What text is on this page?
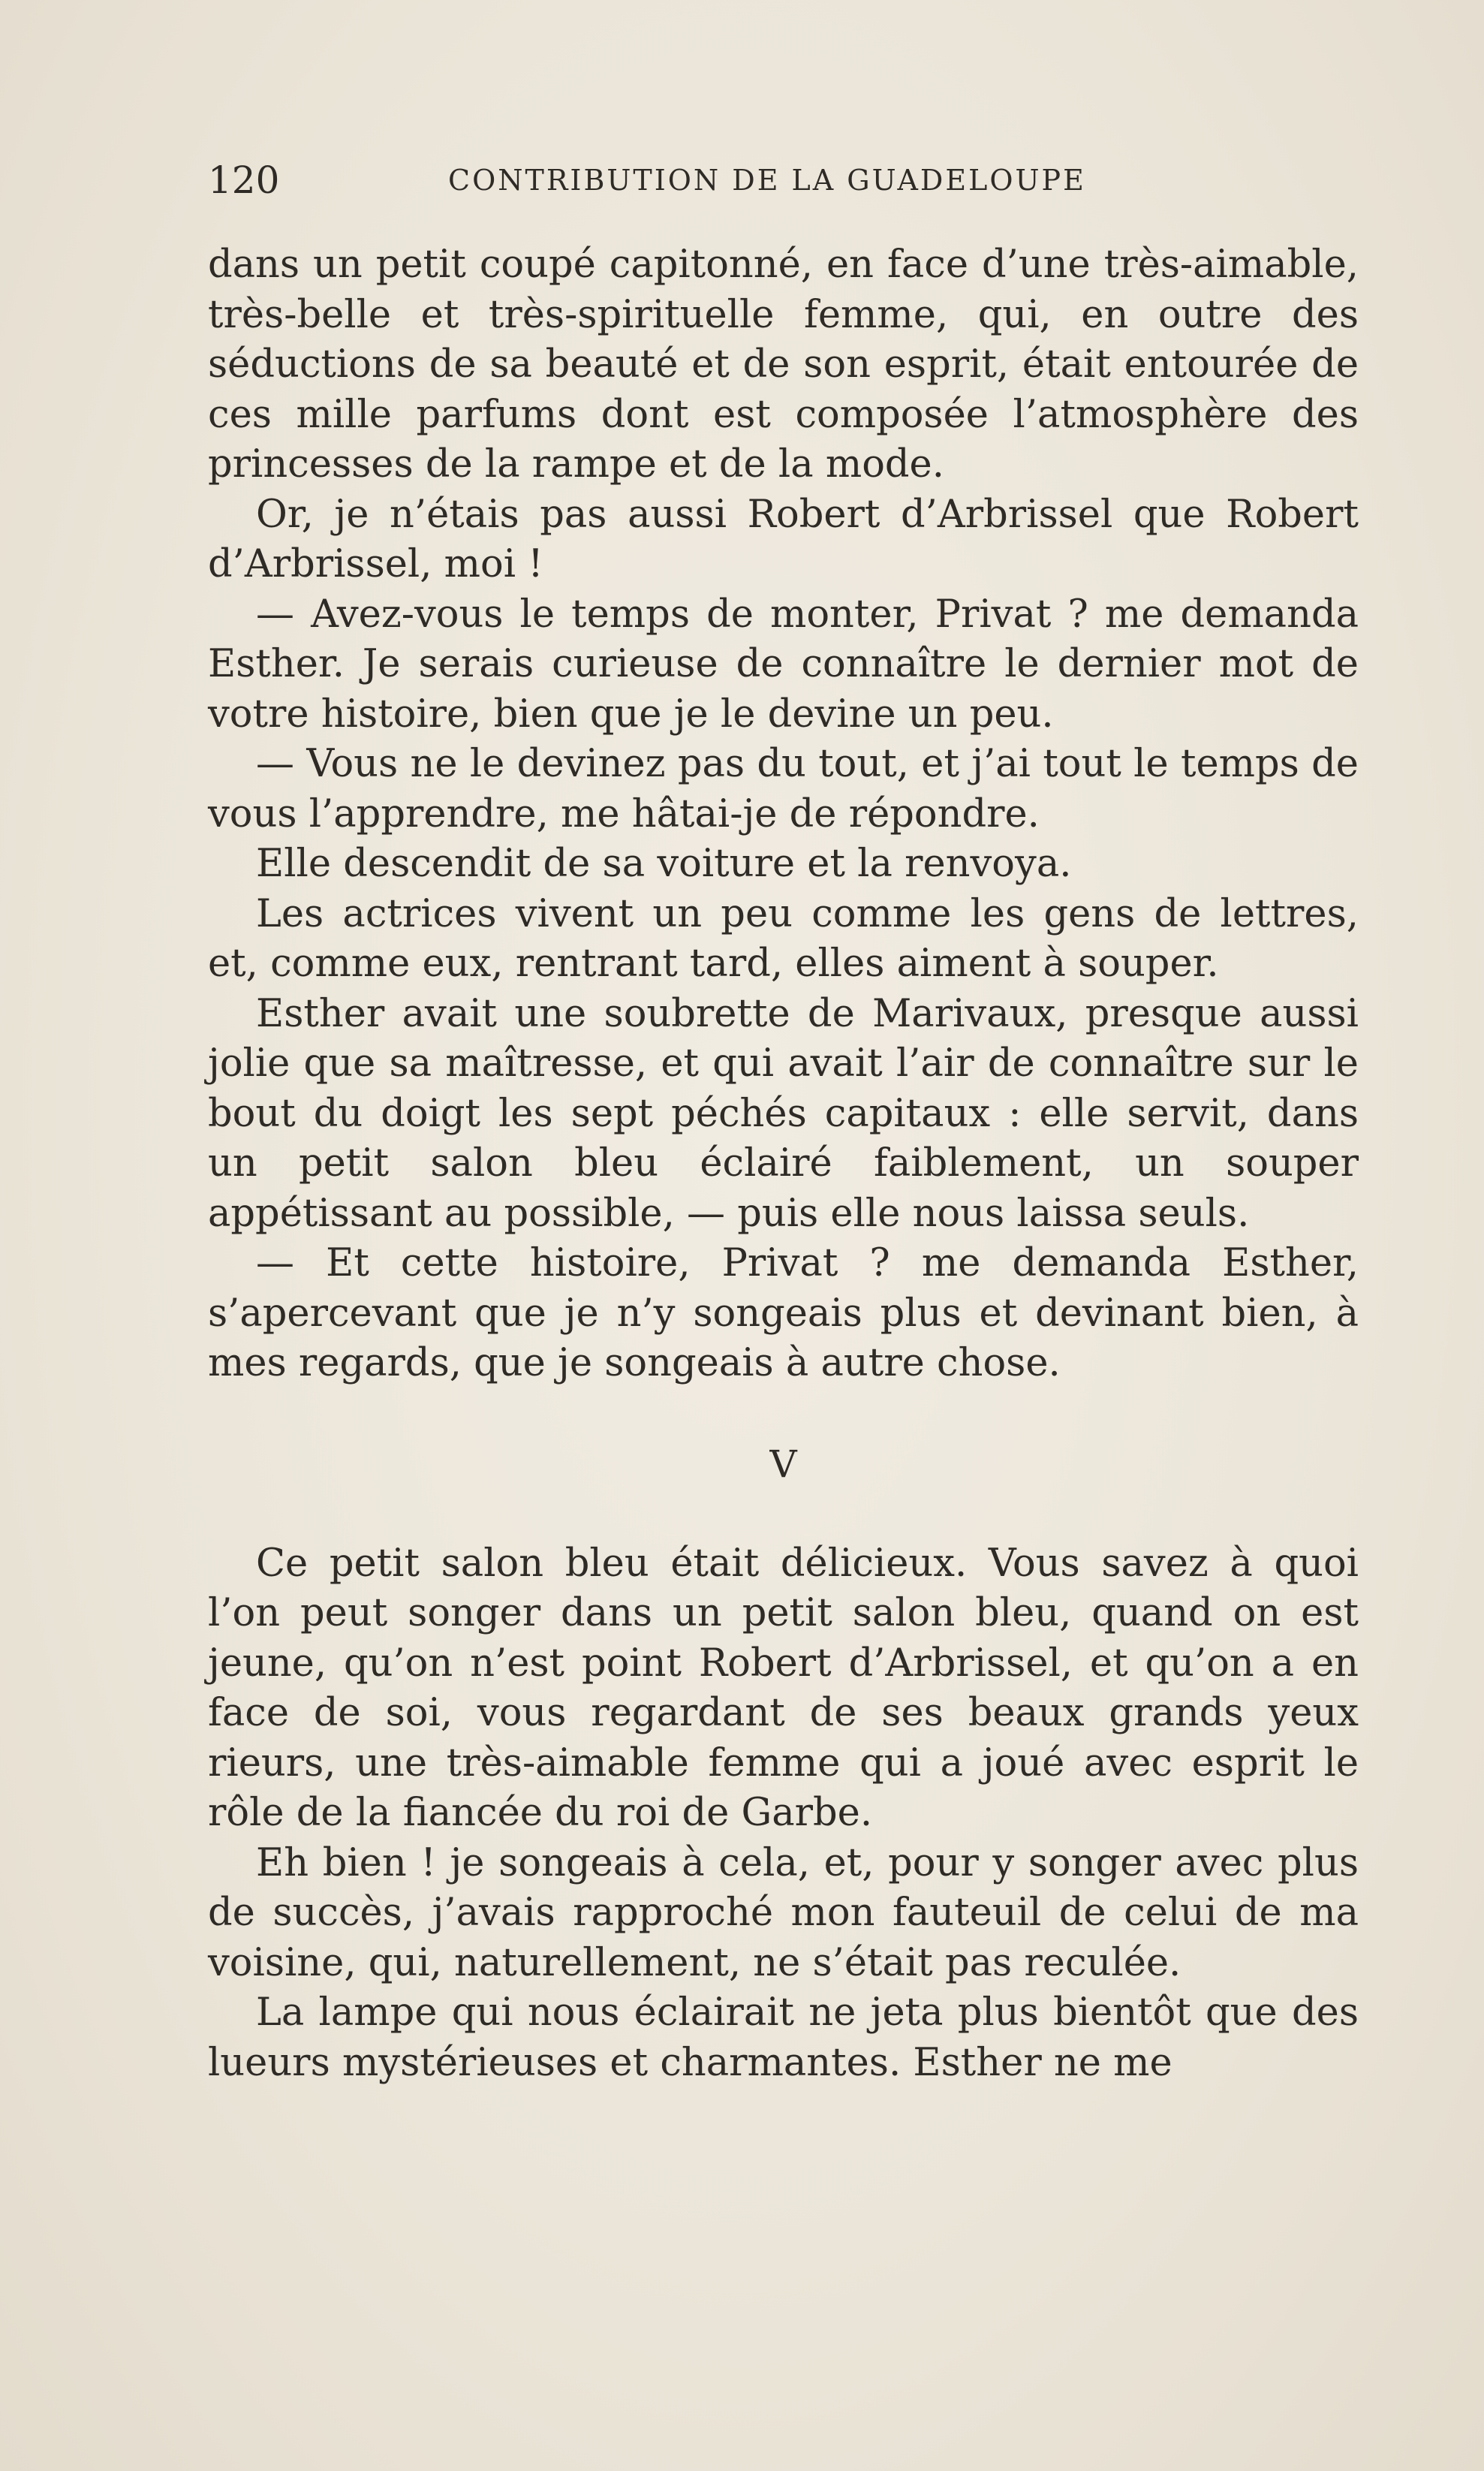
120	CONTRIBUTION DE LA GUADELOUPE

dans un petit coupé capitonné, en face d’une très-aimable, très-belle et très-spirituelle femme, qui, en outre des séductions de sa beauté et de son esprit, était entourée de ces mille parfums dont est composée l’atmosphère des princesses de la rampe et de la mode.

Or, je n’étais pas aussi Robert d’Arbrissel que Robert d’Arbrissel, moi !

— Avez-vous le temps de monter, Privat ? me demanda Esther. Je serais curieuse de connaître le dernier mot de votre histoire, bien que je le devine un peu.

— Vous ne le devinez pas du tout, et j’ai tout le temps de vous l’apprendre, me hâtai-je de répondre.

Elle descendit de sa voiture et la renvoya.

Les actrices vivent un peu comme les gens de lettres, et, comme eux, rentrant tard, elles aiment à souper.

Esther avait une soubrette de Marivaux, presque aussi jolie que sa maîtresse, et qui avait l’air de connaître sur le bout du doigt les sept péchés capitaux : elle servit, dans un petit salon bleu éclairé faiblement, un souper appétissant au possible, — puis elle nous laissa seuls.

— Et cette histoire, Privat ? me demanda Esther, s’apercevant que je n’y songeais plus et devinant bien, à mes regards, que je songeais à autre chose.

V

Ce petit salon bleu était délicieux. Vous savez à quoi l’on peut songer dans un petit salon bleu, quand on est jeune, qu’on n’est point Robert d’Arbrissel, et qu’on a en face de soi, vous regardant de ses beaux grands yeux rieurs, une très-aimable femme qui a joué avec esprit le rôle de la fiancée du roi de Garbe.

Eh bien ! je songeais à cela, et, pour y songer avec plus de succès, j’avais rapproché mon fauteuil de celui de ma voisine, qui, naturellement, ne s’était pas reculée.

La lampe qui nous éclairait ne jeta plus bientôt que des lueurs mystérieuses et charmantes. Esther ne me
